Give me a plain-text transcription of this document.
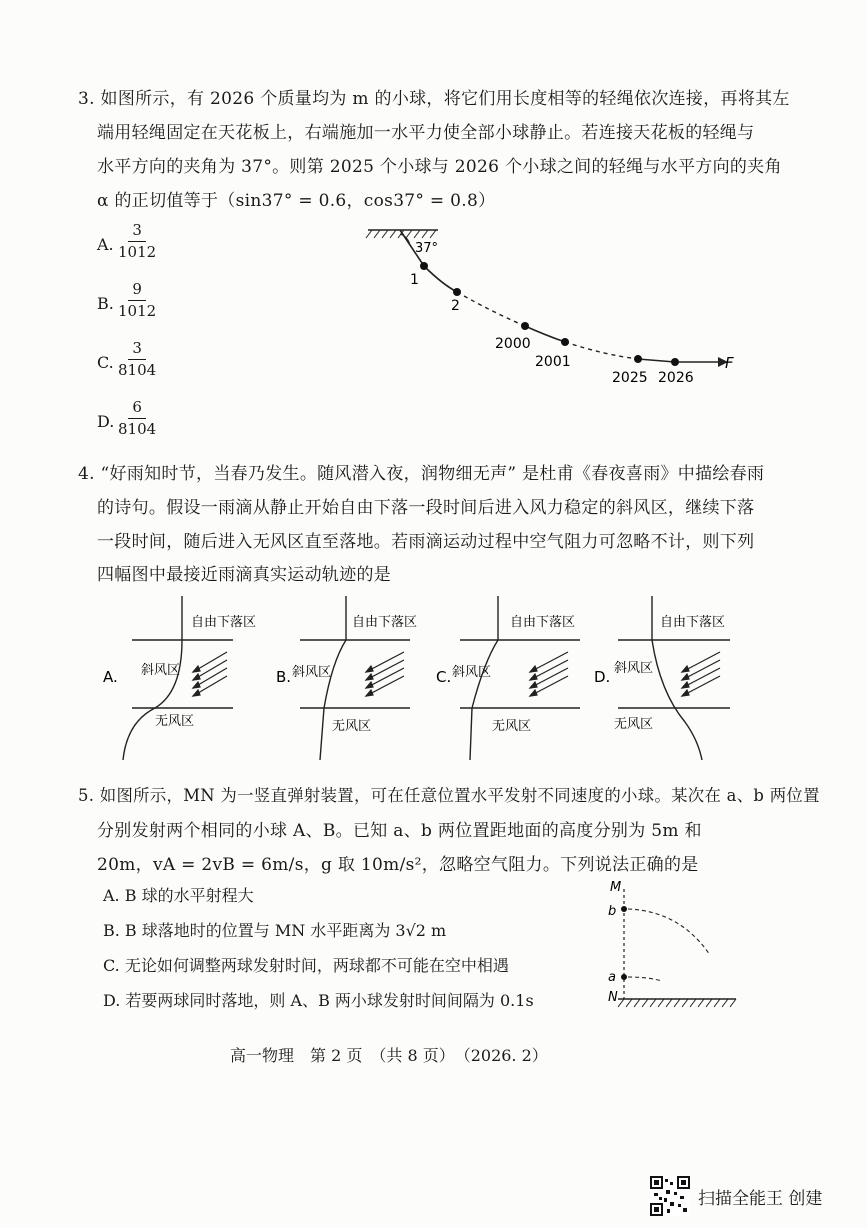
3. 如图所示，有 2026 个质量均为 m 的小球，将它们用长度相等的轻绳依次连接，再将其左
端用轻绳固定在天花板上，右端施加一水平力使全部小球静止。若连接天花板的轻绳与
水平方向的夹角为 37°。则第 2025 个小球与 2026 个小球之间的轻绳与水平方向的夹角
α 的正切值等于（sin37° = 0.6，cos37° = 0.8）
A. $\frac{3}{1012}$
B. $\frac{9}{1012}$
C. $\frac{3}{8104}$
D. $\frac{6}{8104}$
37°
1
2
2000
2001
2025 2026
F
4. “好雨知时节，当春乃发生。随风潜入夜，润物细无声” 是杜甫《春夜喜雨》中描绘春雨
的诗句。假设一雨滴从静止开始自由下落一段时间后进入风力稳定的斜风区，继续下落
一段时间，随后进入无风区直至落地。若雨滴运动过程中空气阻力可忽略不计，则下列
四幅图中最接近雨滴真实运动轨迹的是
A.
自由下落区
斜风区
无风区
B.
自由下落区
斜风区
无风区
C.
自由下落区
斜风区
无风区
D.
自由下落区
斜风区
无风区
5. 如图所示，MN 为一竖直弹射装置，可在任意位置水平发射不同速度的小球。某次在 a、b 两位置
分别发射两个相同的小球 A、B。已知 a、b 两位置距地面的高度分别为 5m 和
20m，vA = 2vB = 6m/s，g 取 10m/s²，忽略空气阻力。下列说法正确的是
A. B 球的水平射程大
B. B 球落地时的位置与 MN 水平距离为 3√2 m
C. 无论如何调整两球发射时间，两球都不可能在空中相遇
D. 若要两球同时落地，则 A、B 两小球发射时间间隔为 0.1s
M
N
b
a
高一物理　第 2 页　（共 8 页）　（2026. 2）
扫描全能王 创建
